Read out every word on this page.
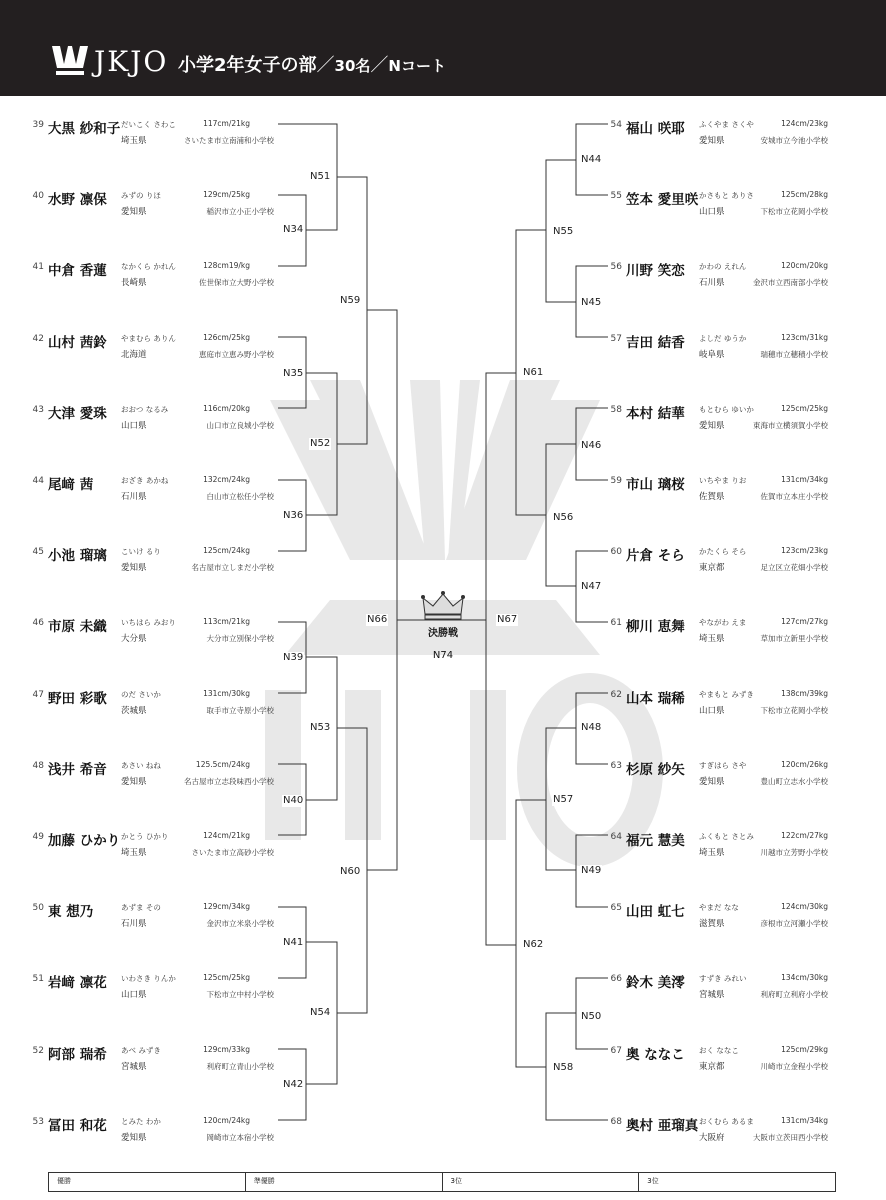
JKJO 小学2年女子の部／30名／Nコート
決勝戦
N74
39 大黒 紗和子 だいこく さわこ	117cm/21kg
埼玉県	さいたま市立南浦和小学校
40 水野 凛保 みずの りほ	129cm/25kg
愛知県	稲沢市立小正小学校
41 中倉 香蓮 なかくら かれん	128cm19/kg
長崎県	佐世保市立大野小学校
42 山村 茜鈴 やまむら ありん	126cm/25kg
北海道	恵庭市立恵み野小学校
43 大津 愛珠 おおつ なるみ	116cm/20kg
山口県	山口市立良城小学校
44 尾﨑 茜	おざき あかね	132cm/24kg
石川県	白山市立松任小学校
45 小池 瑠璃 こいけ るり	125cm/24kg
愛知県	名古屋市立しまだ小学校
46 市原 未織 いちはら みおり	113cm/21kg
大分県	大分市立別保小学校
47 野田 彩歌 のだ さいか	131cm/30kg
茨城県	取手市立寺原小学校
48 浅井 希音 あさい ねね	125.5cm/24kg
愛知県	名古屋市立志段味西小学校
49 加藤 ひかり かとう ひかり	124cm/21kg
埼玉県	さいたま市立高砂小学校
50 東 想乃	あずま その	129cm/34kg
石川県	金沢市立米泉小学校
51 岩﨑 凛花 いわさき りんか	125cm/25kg
山口県	下松市立中村小学校
52 阿部 瑞希 あべ みずき	129cm/33kg
宮城県	利府町立青山小学校
53 冨田 和花 とみた わか	120cm/24kg
愛知県	岡崎市立本宿小学校
54 福山 咲耶 ふくやま さくや	124cm/23kg
愛知県	安城市立今池小学校
55 笠本 愛里咲 かさもと ありさ	125cm/28kg
山口県	下松市立花岡小学校
56 川野 笑恋 かわの えれん	120cm/20kg
石川県	金沢市立西南部小学校
57 吉田 結香 よしだ ゆうか	123cm/31kg
岐阜県	瑞穂市立穂積小学校
58 本村 結華 もとむら ゆいか	125cm/25kg
愛知県	東海市立横須賀小学校
59 市山 璃桜 いちやま りお	131cm/34kg
佐賀県	佐賀市立本庄小学校
60 片倉 そら かたくら そら	123cm/23kg
東京都	足立区立花畑小学校
61 柳川 恵舞 やながわ えま	127cm/27kg
埼玉県	草加市立新里小学校
62 山本 瑞稀 やまもと みずき	138cm/39kg
山口県	下松市立花岡小学校
63 杉原 紗矢 すぎはら さや	120cm/26kg
愛知県	豊山町立志水小学校
64 福元 慧美 ふくもと さとみ	122cm/27kg
埼玉県	川越市立芳野小学校
65 山田 虹七 やまだ なな	124cm/30kg
滋賀県	彦根市立河瀬小学校
66 鈴木 美澪 すずき みれい	134cm/30kg
宮城県	利府町立利府小学校
67 奥 ななこ おく ななこ	125cm/29kg
東京都	川崎市立金程小学校
68 奥村 亜瑠真 おくむら あるま	131cm/34kg
大阪府	大阪市立茨田西小学校
N34
N35
N36
N39
N40
N41
N42
N51
N52
N53
N54
N59
N60
N66
N44
N45
N46
N47
N48
N49
N50
N55
N56
N57
N58
N61
N62
N67
優勝	準優勝	3位	3位
